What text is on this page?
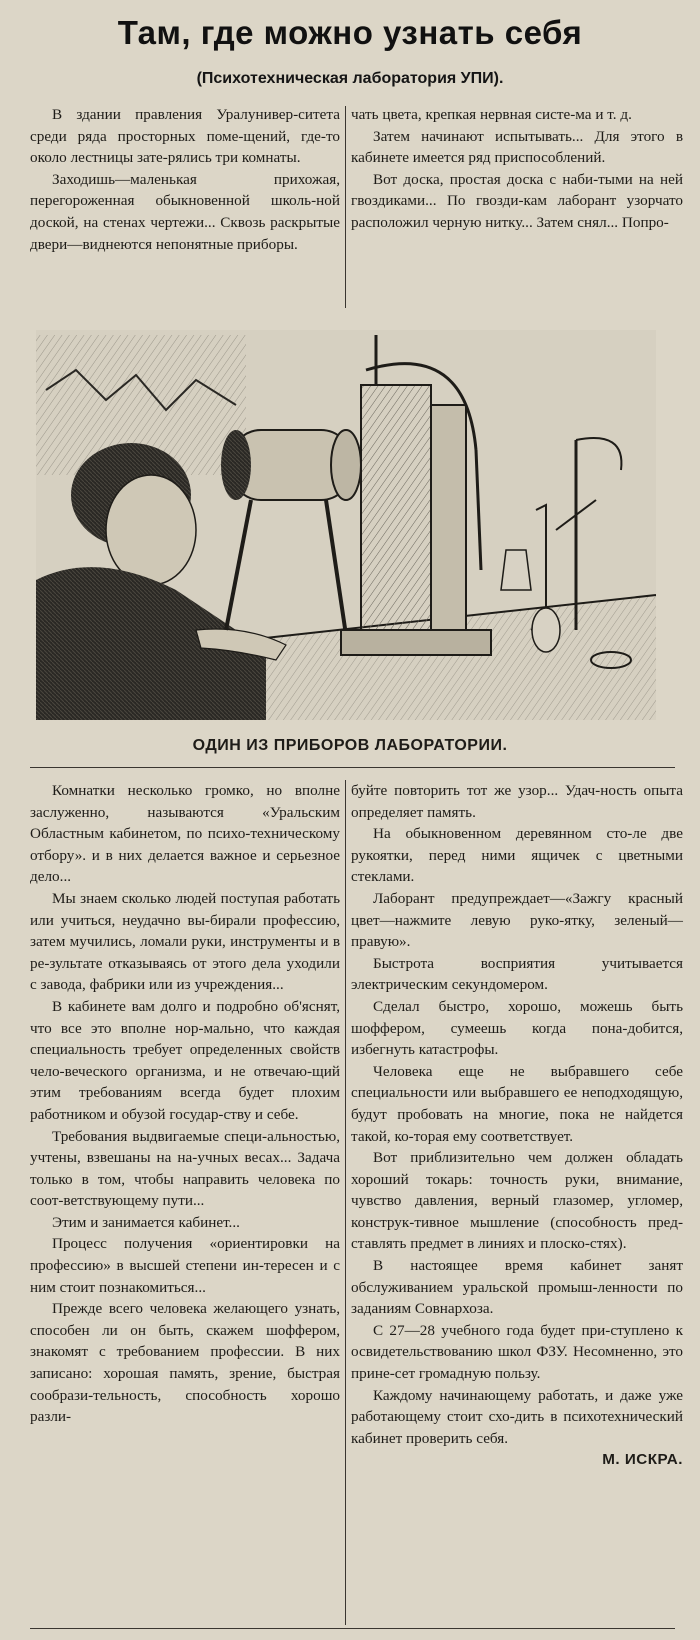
Там, где можно узнать себя
(Психотехническая лаборатория УПИ).

В здании правления Уралунивер-ситета среди ряда просторных поме-щений, где-то около лестницы зате-рялись три комнаты.

Заходишь—маленькая прихожая, перегороженная обыкновенной школь-ной доской, на стенах чертежи... Сквозь раскрытые двери—виднеются непонятные приборы.

чать цвета, крепкая нервная систе-ма и т. д.

Затем начинают испытывать... Для этого в кабинете имеется ряд приспособлений.

Вот доска, простая доска с наби-тыми на ней гвоздиками... По гвозди-кам лаборант узорчато расположил черную нитку... Затем снял... Попро-

ОДИН ИЗ ПРИБОРОВ ЛАБОРАТОРИИ.

Комнатки несколько громко, но вполне заслуженно, называются «Уральским Областным кабинетом, по психо-техническому отбору». и в них делается важное и серьезное дело...

Мы знаем сколько людей поступая работать или учиться, неудачно вы-бирали профессию, затем мучились, ломали руки, инструменты и в ре-зультате отказываясь от этого дела уходили с завода, фабрики или из учреждения...

В кабинете вам долго и подробно об'яснят, что все это вполне нор-мально, что каждая специальность требует определенных свойств чело-веческого организма, и не отвечаю-щий этим требованиям всегда будет плохим работником и обузой государ-ству и себе.

Требования выдвигаемые специ-альностью, учтены, взвешаны на на-учных весах... Задача только в том, чтобы направить человека по соот-ветствующему пути...

Этим и занимается кабинет...

Процесс получения «ориентировки на профессию» в высшей степени ин-тересен и с ним стоит познакомиться...

Прежде всего человека желающего узнать, способен ли он быть, скажем шоффером, знакомят с требованием профессии. В них записано: хорошая память, зрение, быстрая сообрази-тельность, способность хорошо разли-

буйте повторить тот же узор... Удач-ность опыта определяет память.

На обыкновенном деревянном сто-ле две рукоятки, перед ними ящичек с цветными стеклами.

Лаборант предупреждает—«Зажгу красный цвет—нажмите левую руко-ятку, зеленый—правую».

Быстрота восприятия учитывается электрическим секундомером.

Сделал быстро, хорошо, можешь быть шоффером, сумеешь когда пона-добится, избегнуть катастрофы.

Человека еще не выбравшего себе специальности или выбравшего ее неподходящую, будут пробовать на многие, пока не найдется такой, ко-торая ему соответствует.

Вот приблизительно чем должен обладать хороший токарь: точность руки, внимание, чувство давления, верный глазомер, угломер, конструк-тивное мышление (способность пред-ставлять предмет в линиях и плоско-стях).

В настоящее время кабинет занят обслуживанием уральской промыш-ленности по заданиям Совнархоза.

С 27—28 учебного года будет при-ступлено к освидетельствованию школ ФЗУ. Несомненно, это прине-сет громадную пользу.

Каждому начинающему работать, и даже уже работающему стоит схо-дить в психотехнический кабинет проверить себя.

М. ИСКРА.
